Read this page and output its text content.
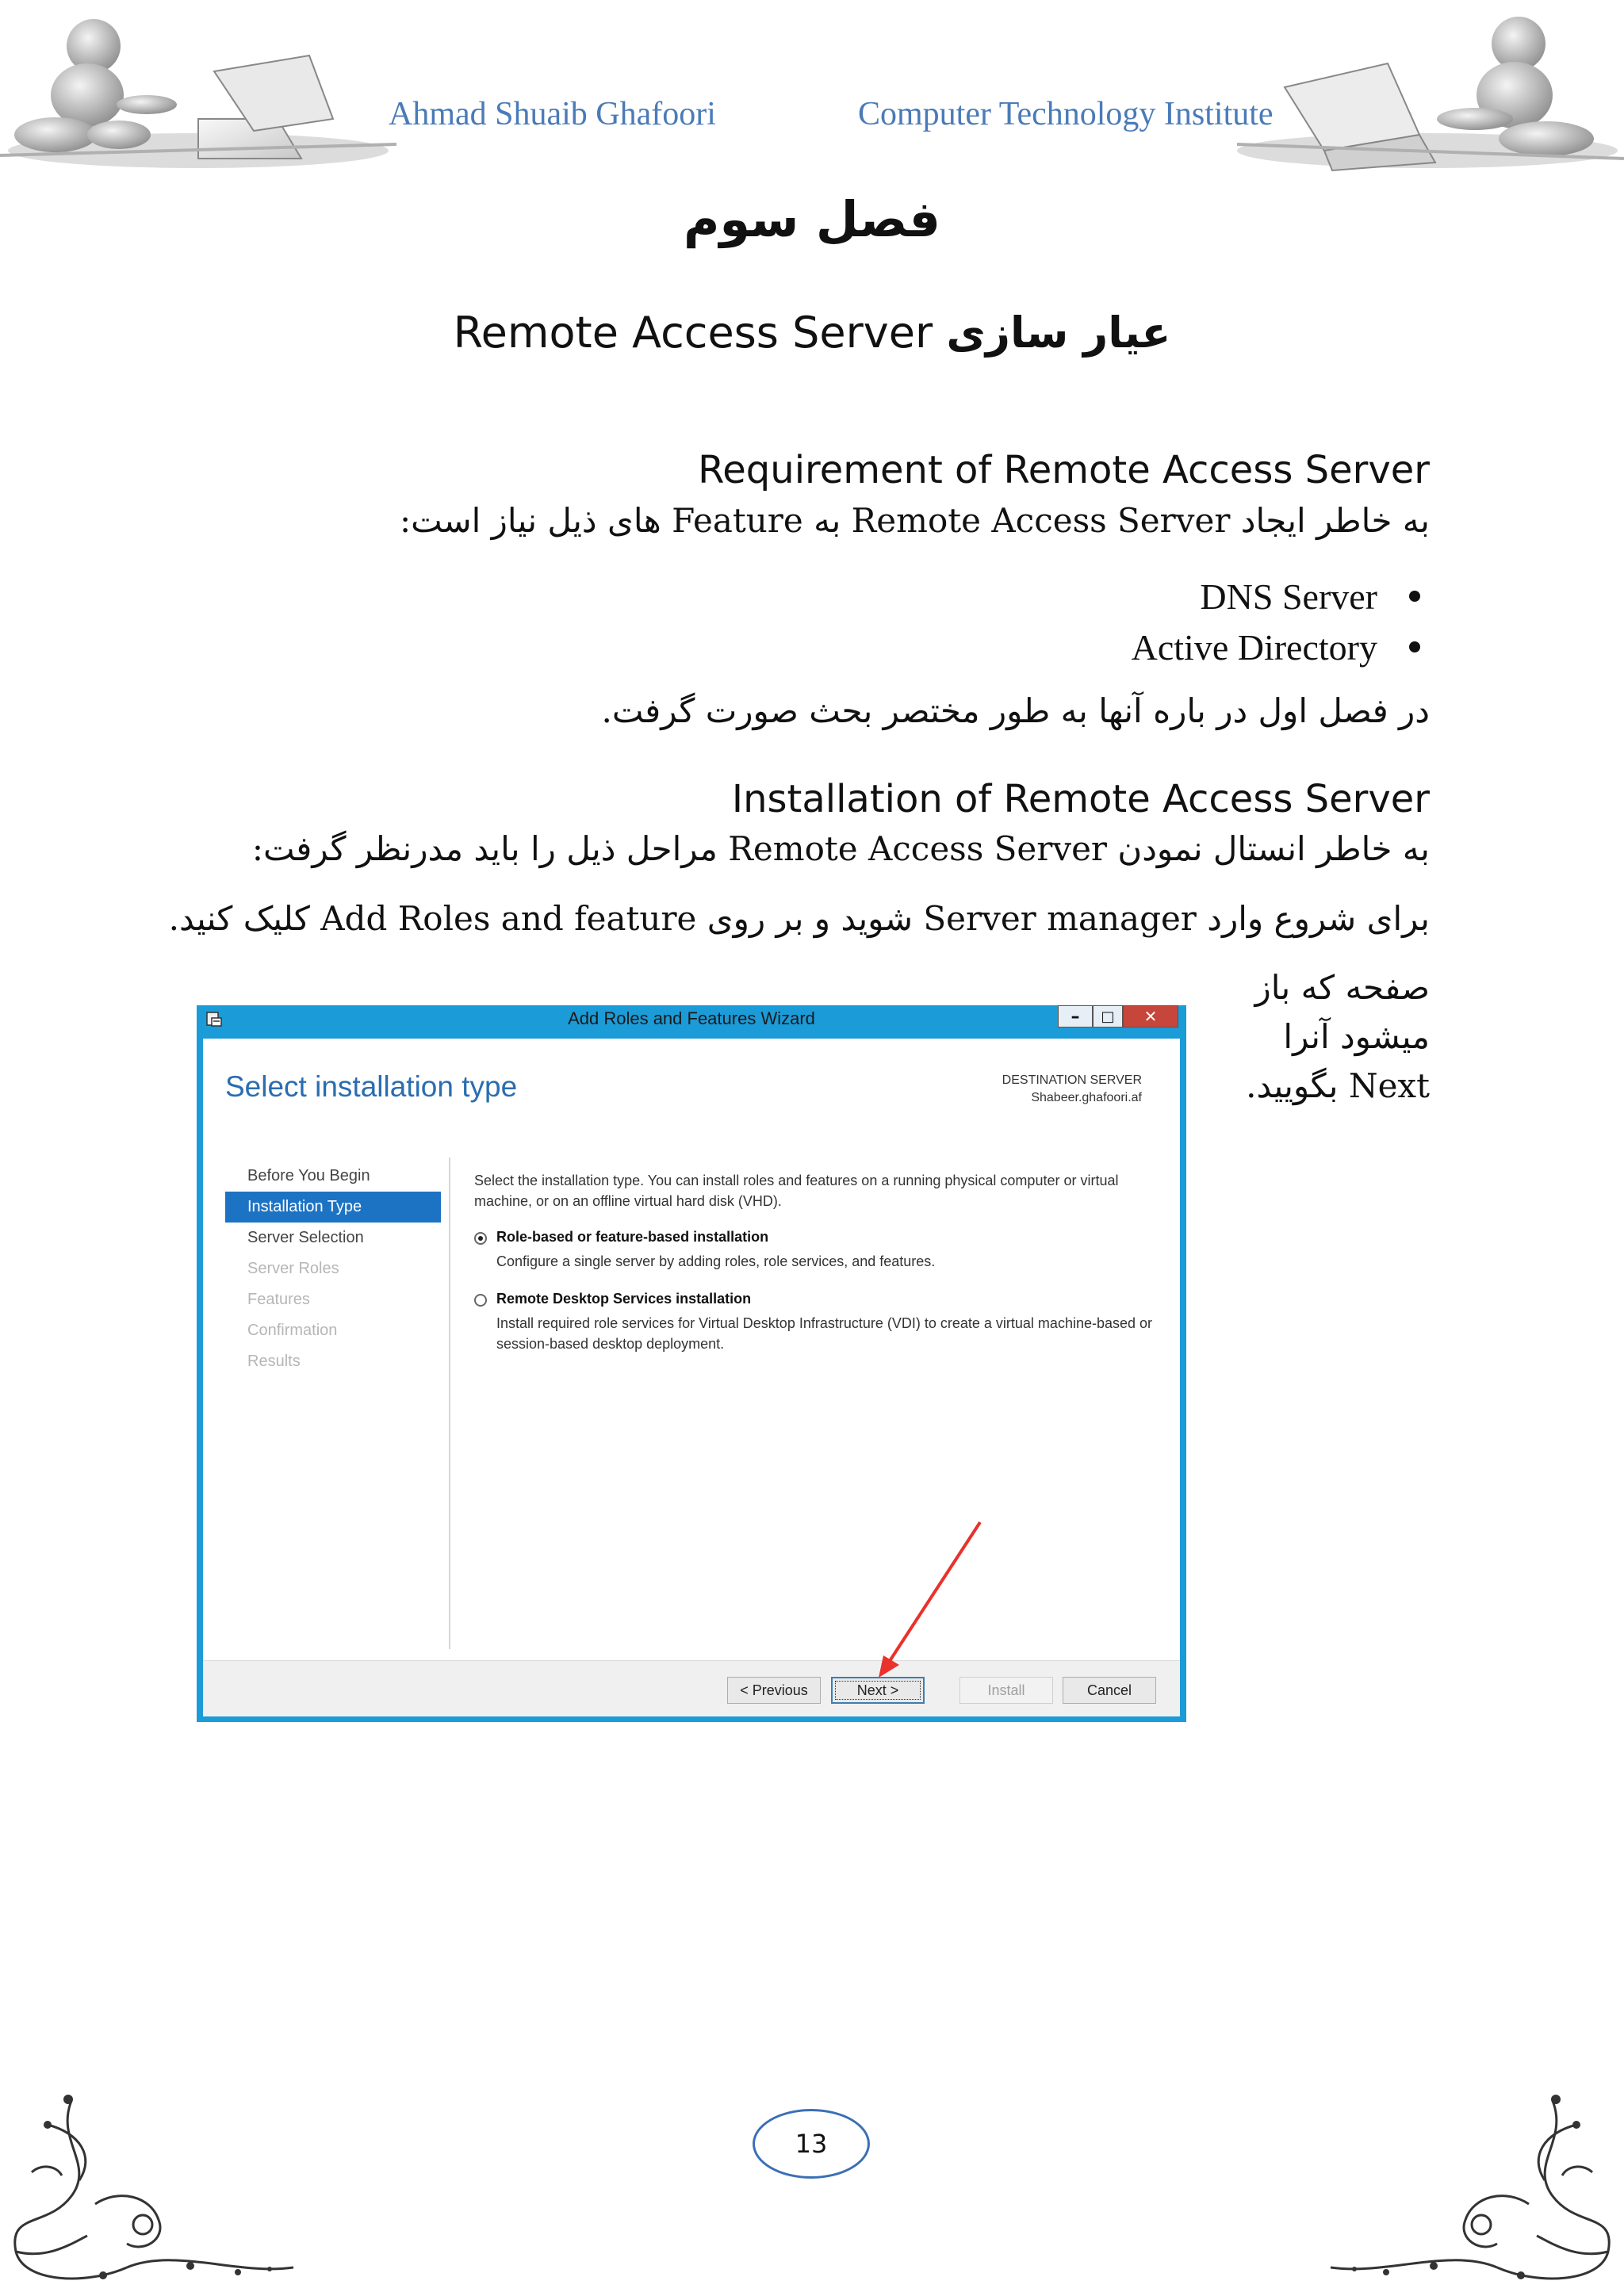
Ahmad Shuaib Ghafoori	Computer Technology Institute
فصل سوم
عیار سازی Remote Access Server
Requirement of Remote Access Server
به خاطر ایجاد Remote Access Server به Feature های ذیل نیاز است:
DNS Server
Active Directory
در فصل اول در باره آنها به طور مختصر بحث صورت گرفت.
Installation of Remote Access Server
به خاطر انستال نمودن Remote Access Server مراحل ذیل را باید مدرنظر گرفت:
برای شروع وارد Server manager شوید و بر روی Add Roles and feature کلیک کنید.
صفحه که باز
میشود آنرا
Next بگویید.
Add Roles and Features Wizard	– □ ✕
Select installation type	DESTINATION SERVER
Shabeer.ghafoori.af
Before You Begin
Installation Type
Server Selection
Server Roles
Features
Confirmation
Results
Select the installation type. You can install roles and features on a running physical computer or virtual machine, or on an offline virtual hard disk (VHD).
Role-based or feature-based installation
Configure a single server by adding roles, role services, and features.
Remote Desktop Services installation
Install required role services for Virtual Desktop Infrastructure (VDI) to create a virtual machine-based or session-based desktop deployment.
< Previous	Next >	Install	Cancel
13
